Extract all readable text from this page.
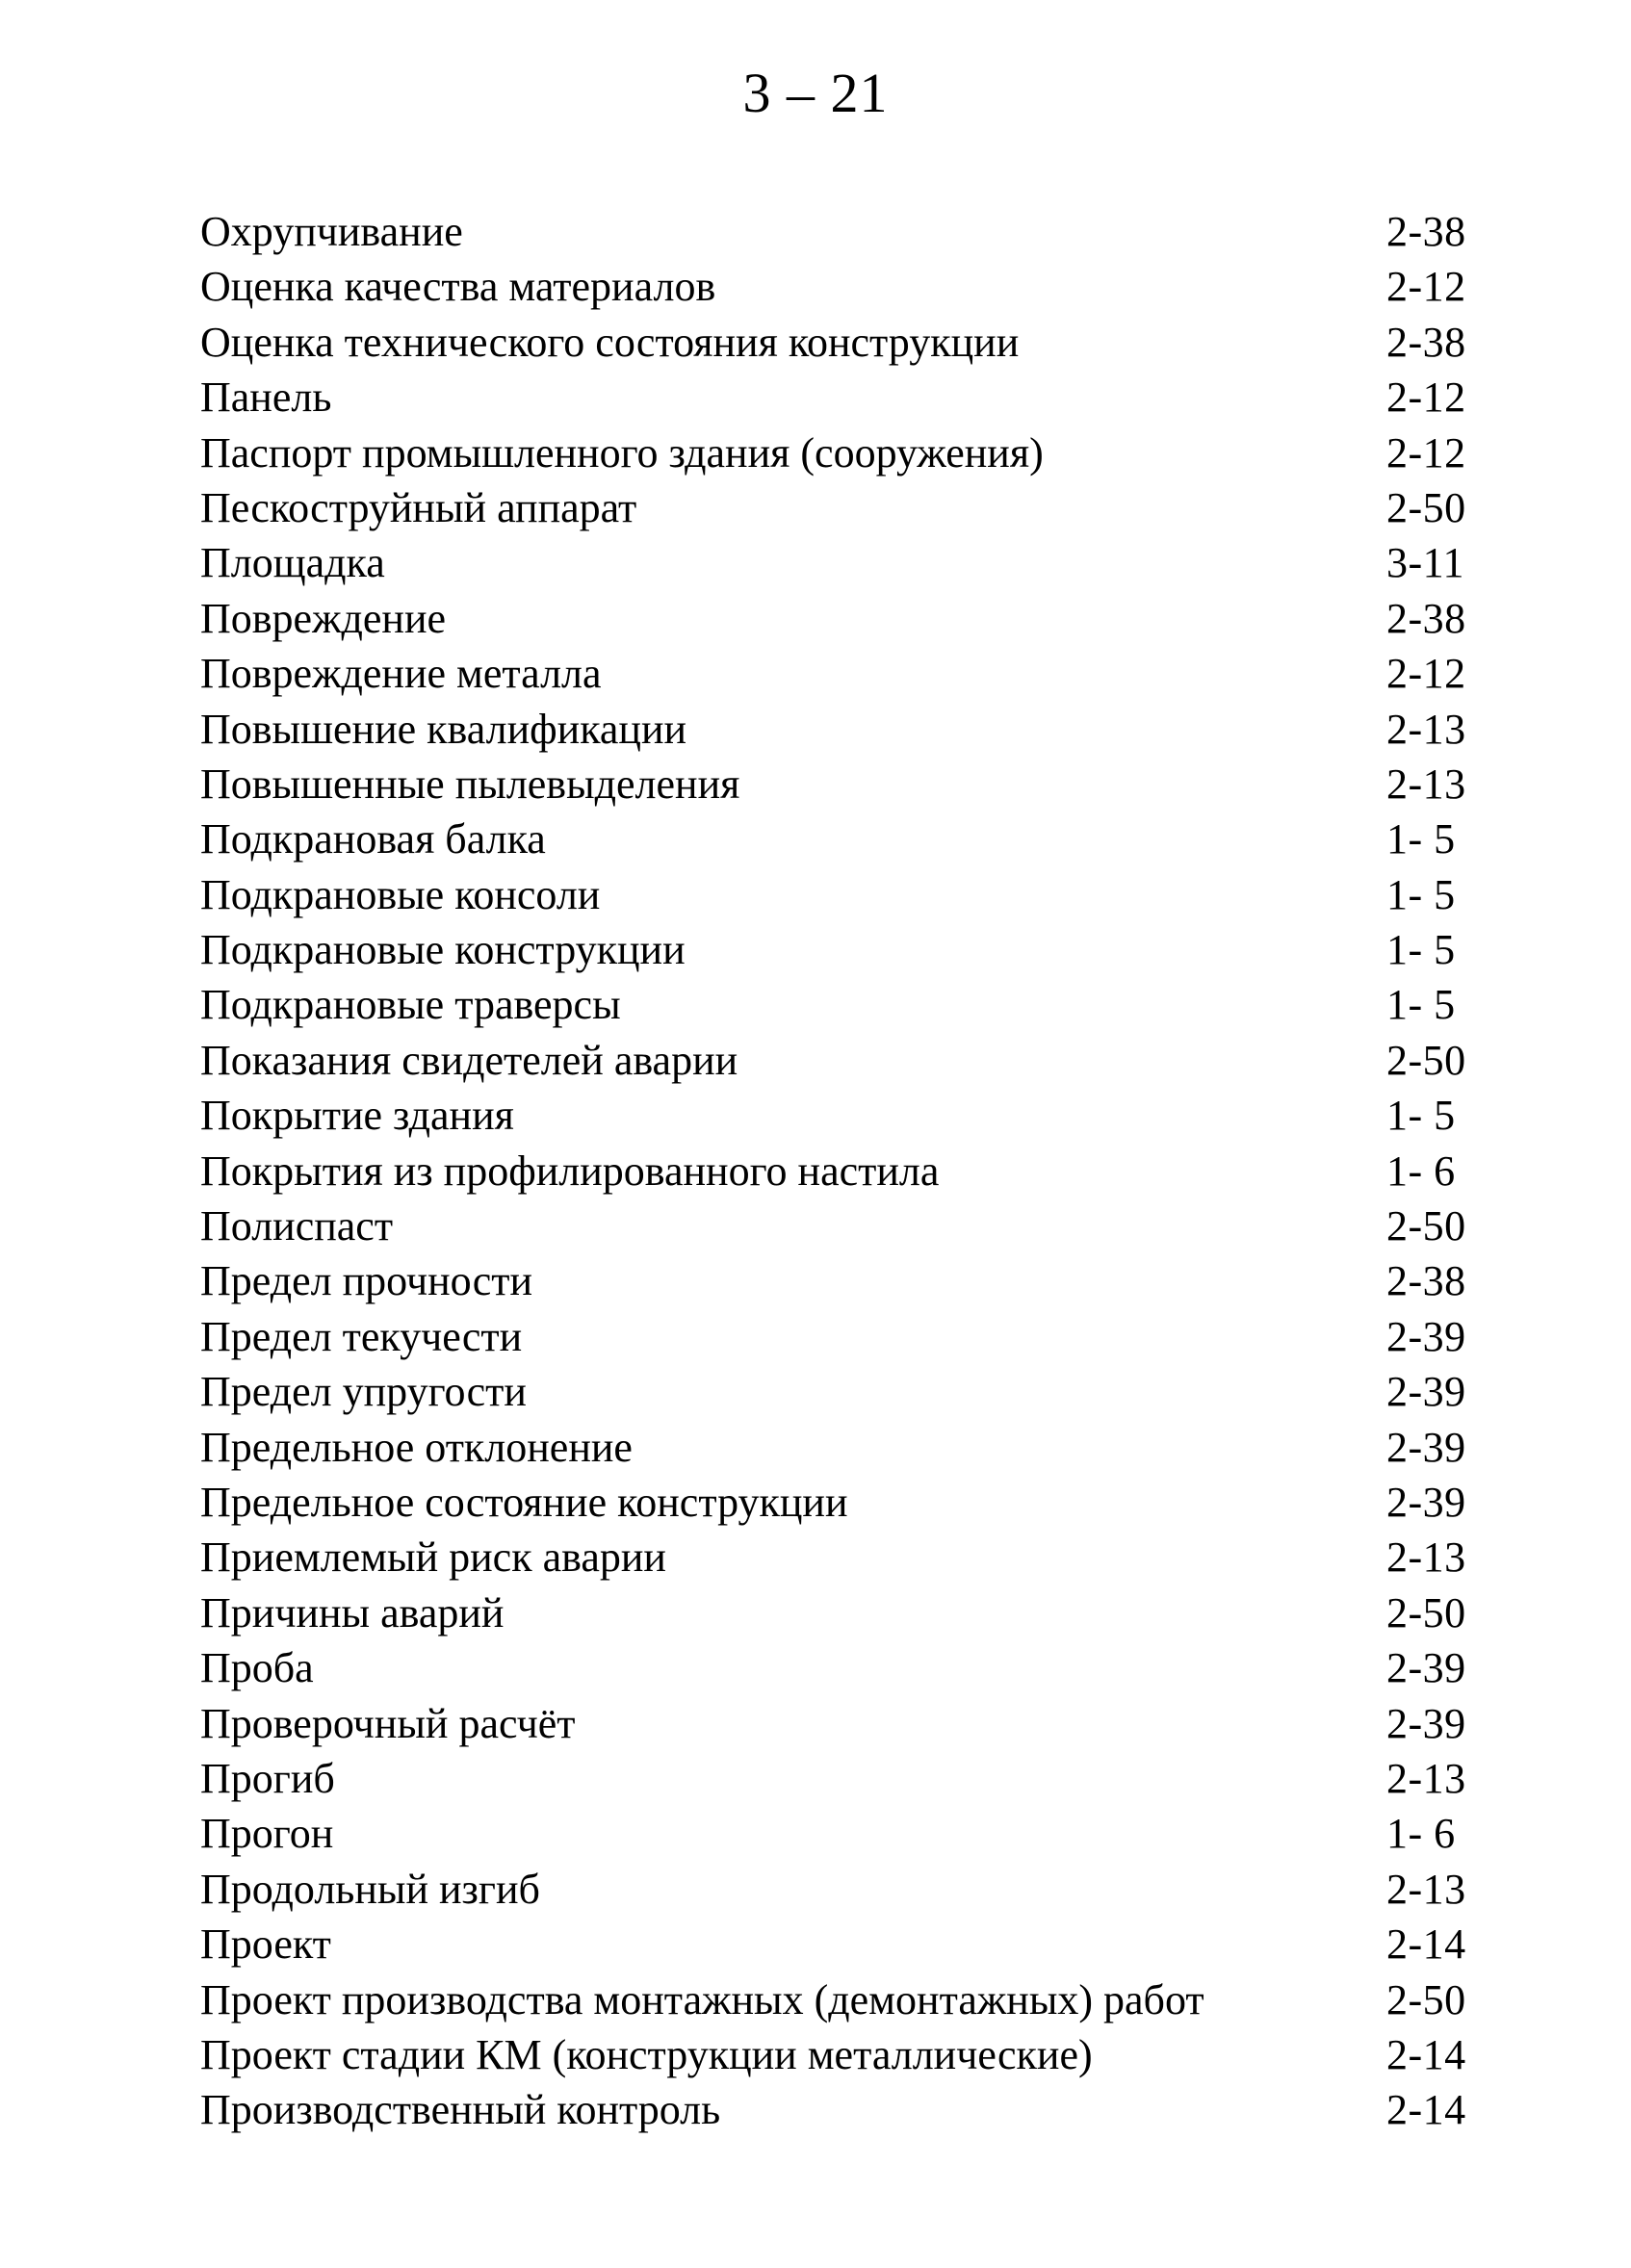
3 – 21
Охрупчивание	2-38
Оценка качества материалов	2-12
Оценка технического состояния конструкции	2-38
Панель	2-12
Паспорт промышленного здания (сооружения)	2-12
Пескоструйный аппарат	2-50
Площадка	3-11
Повреждение	2-38
Повреждение металла	2-12
Повышение квалификации	2-13
Повышенные пылевыделения	2-13
Подкрановая балка	1- 5
Подкрановые консоли	1- 5
Подкрановые конструкции	1- 5
Подкрановые траверсы	1- 5
Показания свидетелей аварии	2-50
Покрытие здания	1- 5
Покрытия из профилированного настила	1- 6
Полиспаст	2-50
Предел прочности	2-38
Предел текучести	2-39
Предел упругости	2-39
Предельное отклонение	2-39
Предельное состояние конструкции	2-39
Приемлемый риск аварии	2-13
Причины аварий	2-50
Проба	2-39
Проверочный расчёт	2-39
Прогиб	2-13
Прогон	1- 6
Продольный изгиб	2-13
Проект	2-14
Проект производства монтажных (демонтажных) работ	2-50
Проект стадии КМ (конструкции металлические)	2-14
Производственный контроль	2-14
